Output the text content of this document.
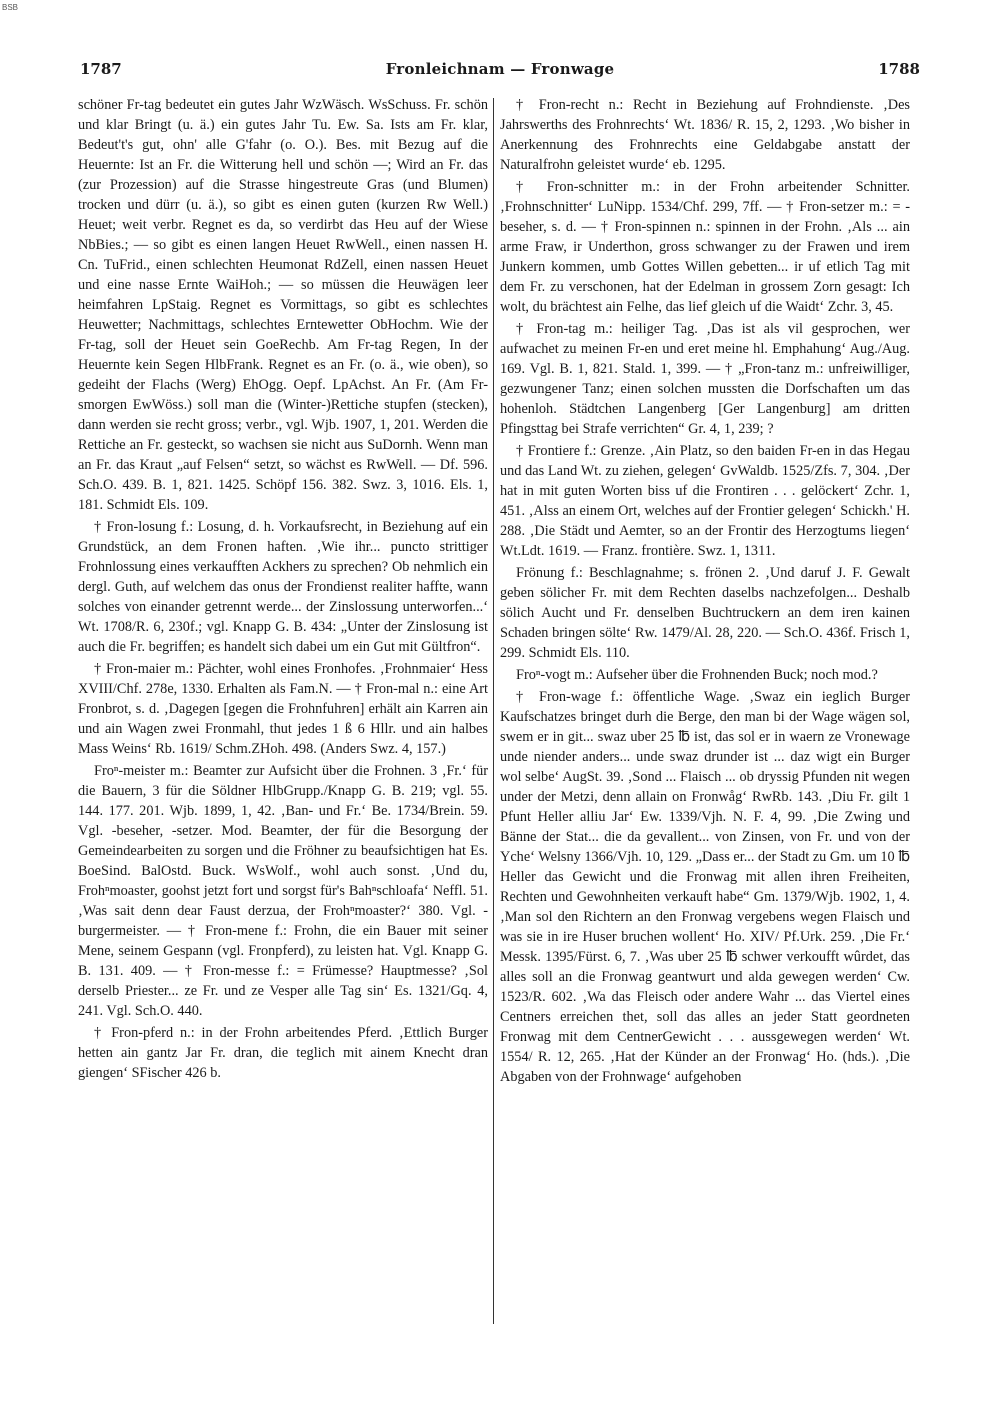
BSB
1787	Fronleichnam — Fronwage	1788

schöner Fr-tag bedeutet ein gutes Jahr WzWäsch. WsSchuss. Fr. schön und klar Bringt (u. ä.) ein gutes Jahr Tu. Ew. Sa. Ists am Fr. klar, Bedeut't's gut, ohn' alle G'fahr (o. O.). Bes. mit Bezug auf die Heuernte: Ist an Fr. die Witterung hell und schön —; Wird an Fr. das (zur Prozession) auf die Strasse hingestreute Gras (und Blumen) trocken und dürr (u. ä.), so gibt es einen guten (kurzen Rw Well.) Heuet; weit verbr. Regnet es da, so verdirbt das Heu auf der Wiese NbBies.; — so gibt es einen langen Heuet RwWell., einen nassen H. Cn. TuFrid., einen schlechten Heumonat RdZell, einen nassen Heuet und eine nasse Ernte WaiHoh.; — so müssen die Heuwägen leer heimfahren LpStaig. Regnet es Vormittags, so gibt es schlechtes Heuwetter; Nachmittags, schlechtes Erntewetter ObHochm. Wie der Fr-tag, soll der Heuet sein GoeRechb. Am Fr-tag Regen, In der Heuernte kein Segen HlbFrank. Regnet es an Fr. (o. ä., wie oben), so gedeiht der Flachs (Werg) EhOgg. Oepf. LpAchst. An Fr. (Am Fr-smorgen EwWöss.) soll man die (Winter-)Rettiche stupfen (stecken), dann werden sie recht gross; verbr., vgl. Wjb. 1907, 1, 201. Werden die Rettiche an Fr. gesteckt, so wachsen sie nicht aus SuDornh. Wenn man an Fr. das Kraut „auf Felsen“ setzt, so wächst es RwWell. — Df. 596. Sch.O. 439. B. 1, 821. 1425. Schöpf 156. 382. Swz. 3, 1016. Els. 1, 181. Schmidt Els. 109.

† Fron-losung f.: Losung, d. h. Vorkaufsrecht, in Beziehung auf ein Grundstück, an dem Fronen haften. ‚Wie ihr... puncto strittiger Frohnlossung eines verkaufften Ackhers zu sprechen? Ob nehmlich ein dergl. Guth, auf welchem das onus der Frondienst realiter haffte, wann solches von einander getrennt werde... der Zinslossung unterworfen...‘ Wt. 1708/R. 6, 230f.; vgl. Knapp G. B. 434: „Unter der Zinslosung ist auch die Fr. begriffen; es handelt sich dabei um ein Gut mit Gültfron“.

† Fron-maier m.: Pächter, wohl eines Fronhofes. ‚Frohnmaier‘ Hess XVIII/Chf. 278e, 1330. Erhalten als Fam.N. — † Fron-mal n.: eine Art Fronbrot, s. d. ‚Dagegen [gegen die Frohnfuhren] erhält ain Karren ain und ain Wagen zwei Fronmahl, thut jedes 1 ß 6 Hllr. und ain halbes Mass Weins‘ Rb. 1619/ Schm.ZHoh. 498. (Anders Swz. 4, 157.)

Froⁿ-meister m.: Beamter zur Aufsicht über die Frohnen. 3 ‚Fr.‘ für die Bauern, 3 für die Söldner HlbGrupp./Knapp G. B. 219; vgl. 55. 144. 177. 201. Wjb. 1899, 1, 42. ‚Ban- und Fr.‘ Be. 1734/Brein. 59. Vgl. -beseher, -setzer. Mod. Beamter, der für die Besorgung der Gemeindearbeiten zu sorgen und die Fröhner zu beaufsichtigen hat Es. BoeSind. BalOstd. Buck. WsWolf., wohl auch sonst. ‚Und du, Frohⁿmoaster, goohst jetzt fort und sorgst für's Bahⁿschloafa‘ Neffl. 51. ‚Was sait denn dear Faust derzua, der Frohⁿmoaster?‘ 380. Vgl. -burgermeister. — † Fron-mene f.: Frohn, die ein Bauer mit seiner Mene, seinem Gespann (vgl. Fronpferd), zu leisten hat. Vgl. Knapp G. B. 131. 409. — † Fron-messe f.: = Frümesse? Hauptmesse? ‚Sol derselb Priester... ze Fr. und ze Vesper alle Tag sin‘ Es. 1321/Gq. 4, 241. Vgl. Sch.O. 440.

† Fron-pferd n.: in der Frohn arbeitendes Pferd. ‚Ettlich Burger hetten ain gantz Jar Fr. dran, die teglich mit ainem Knecht dran giengen‘ SFischer 426 b.

† Fron-recht n.: Recht in Beziehung auf Frohndienste. ‚Des Jahrswerths des Frohnrechts‘ Wt. 1836/ R. 15, 2, 1293. ‚Wo bisher in Anerkennung des Frohnrechts eine Geldabgabe anstatt der Naturalfrohn geleistet wurde‘ eb. 1295.

† Fron-schnitter m.: in der Frohn arbeitender Schnitter. ‚Frohnschnitter‘ LuNipp. 1534/Chf. 299, 7ff. — † Fron-setzer m.: = -beseher, s. d. — † Fron-spinnen n.: spinnen in der Frohn. ‚Als ... ain arme Fraw, ir Underthon, gross schwanger zu der Frawen und irem Junkern kommen, umb Gottes Willen gebetten... ir uf etlich Tag mit dem Fr. zu verschonen, hat der Edelman in grossem Zorn gesagt: Ich wolt, du brächtest ain Felhe, das lief gleich uf die Waidt‘ Zchr. 3, 45.

† Fron-tag m.: heiliger Tag. ‚Das ist als vil gesprochen, wer aufwachet zu meinen Fr-en und eret meine hl. Emphahung‘ Aug./Aug. 169. Vgl. B. 1, 821. Stald. 1, 399. — † „Fron-tanz m.: unfreiwilliger, gezwungener Tanz; einen solchen mussten die Dorfschaften um das hohenloh. Städtchen Langenberg [Ger Langenburg] am dritten Pfingsttag bei Strafe verrichten“ Gr. 4, 1, 239; ?

† Frontiere f.: Grenze. ‚Ain Platz, so den baiden Fr-en in das Hegau und das Land Wt. zu ziehen, gelegen‘ GvWaldb. 1525/Zfs. 7, 304. ‚Der hat in mit guten Worten biss uf die Frontiren . . . gelöckert‘ Zchr. 1, 451. ‚Alss an einem Ort, welches auf der Frontier gelegen‘ Schickh.' H. 288. ‚Die Städt und Aemter, so an der Frontir des Herzogtums liegen‘ Wt.Ldt. 1619. — Franz. frontière. Swz. 1, 1311.

Frönung f.: Beschlagnahme; s. frönen 2. ‚Und daruf J. F. Gewalt geben sölicher Fr. mit dem Rechten daselbs nachzefolgen... Deshalb sölich Aucht und Fr. denselben Buchtruckern an dem iren kainen Schaden bringen sölte‘ Rw. 1479/Al. 28, 220. — Sch.O. 436f. Frisch 1, 299. Schmidt Els. 110.

Froⁿ-vogt m.: Aufseher über die Frohnenden Buck; noch mod.?

† Fron-wage f.: öffentliche Wage. ‚Swaz ein ieglich Burger Kaufschatzes bringet durh die Berge, den man bi der Wage wägen sol, swem er in git... swaz uber 25 ℔ ist, das sol er in waern ze Vronewage unde niender anders... unde swaz drunder ist ... daz wigt ein Burger wol selbe‘ AugSt. 39. ‚Sond ... Flaisch ... ob dryssig Pfunden nit wegen under der Metzi, denn allain on Fronwåg‘ RwRb. 143. ‚Diu Fr. gilt 1 Pfunt Heller alliu Jar‘ Ew. 1339/Vjh. N. F. 4, 99. ‚Die Zwing und Bänne der Stat... die da gevallent... von Zinsen, von Fr. und von der Yche‘ Welsny 1366/Vjh. 10, 129. „Dass er... der Stadt zu Gm. um 10 ℔ Heller das Gewicht und die Fronwag mit allen ihren Freiheiten, Rechten und Gewohnheiten verkauft habe“ Gm. 1379/Wjb. 1902, 1, 4. ‚Man sol den Richtern an den Fronwag vergebens wegen Flaisch und was sie in ire Huser bruchen wollent‘ Ho. XIV/ Pf.Urk. 259. ‚Die Fr.‘ Messk. 1395/Fürst. 6, 7. ‚Was uber 25 ℔ schwer verkoufft wûrdet, das alles soll an die Fronwag geantwurt und alda gewegen werden‘ Cw. 1523/R. 602. ‚Wa das Fleisch oder andere Wahr ... das Viertel eines Centners erreichen thet, soll das alles an jeder Statt geordneten Fronwag mit dem CentnerGewicht . . . aussgewegen werden‘ Wt. 1554/ R. 12, 265. ‚Hat der Künder an der Fronwag‘ Ho. (hds.). ‚Die Abgaben von der Frohnwage‘ aufgehoben
